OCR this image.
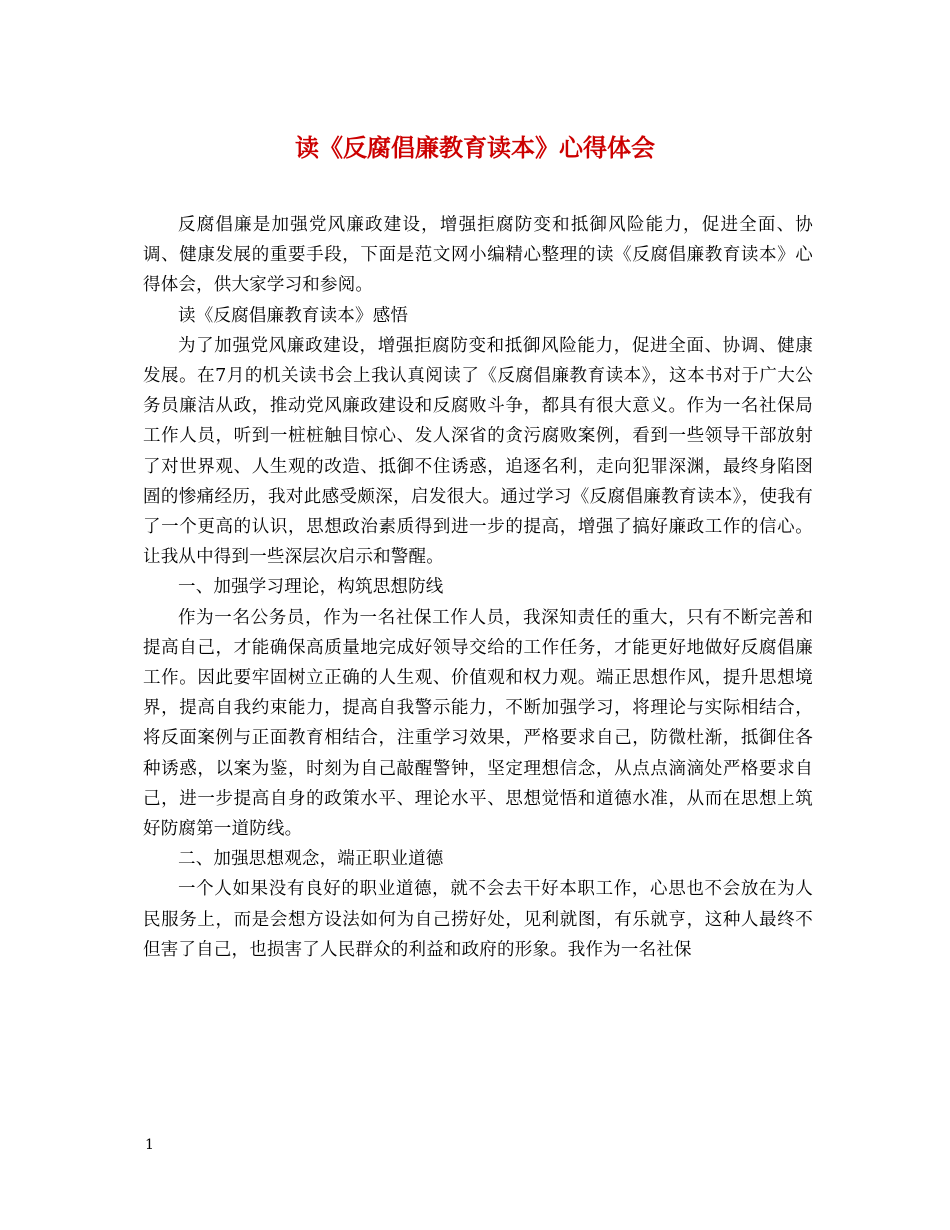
读《反腐倡廉教育读本》心得体会

反腐倡廉是加强党风廉政建设，增强拒腐防变和抵御风险能力，促进全面、协调、健康发展的重要手段，下面是范文网小编精心整理的读《反腐倡廉教育读本》心得体会，供大家学习和参阅。

读《反腐倡廉教育读本》感悟

为了加强党风廉政建设，增强拒腐防变和抵御风险能力，促进全面、协调、健康发展。在7月的机关读书会上我认真阅读了《反腐倡廉教育读本》，这本书对于广大公务员廉洁从政，推动党风廉政建设和反腐败斗争，都具有很大意义。作为一名社保局工作人员，听到一桩桩触目惊心、发人深省的贪污腐败案例，看到一些领导干部放射了对世界观、人生观的改造、抵御不住诱惑，追逐名利，走向犯罪深渊，最终身陷囹圄的惨痛经历，我对此感受颇深，启发很大。通过学习《反腐倡廉教育读本》，使我有了一个更高的认识，思想政治素质得到进一步的提高，增强了搞好廉政工作的信心。让我从中得到一些深层次启示和警醒。

一、加强学习理论，构筑思想防线

作为一名公务员，作为一名社保工作人员，我深知责任的重大，只有不断完善和提高自己，才能确保高质量地完成好领导交给的工作任务，才能更好地做好反腐倡廉工作。因此要牢固树立正确的人生观、价值观和权力观。端正思想作风，提升思想境界，提高自我约束能力，提高自我警示能力，不断加强学习，将理论与实际相结合，将反面案例与正面教育相结合，注重学习效果，严格要求自己，防微杜渐，抵御住各种诱惑，以案为鉴，时刻为自己敲醒警钟，坚定理想信念，从点点滴滴处严格要求自己，进一步提高自身的政策水平、理论水平、思想觉悟和道德水准，从而在思想上筑好防腐第一道防线。

二、加强思想观念，端正职业道德

一个人如果没有良好的职业道德，就不会去干好本职工作，心思也不会放在为人民服务上，而是会想方设法如何为自己捞好处，见利就图，有乐就亨，这种人最终不但害了自己，也损害了人民群众的利益和政府的形象。我作为一名社保

1
